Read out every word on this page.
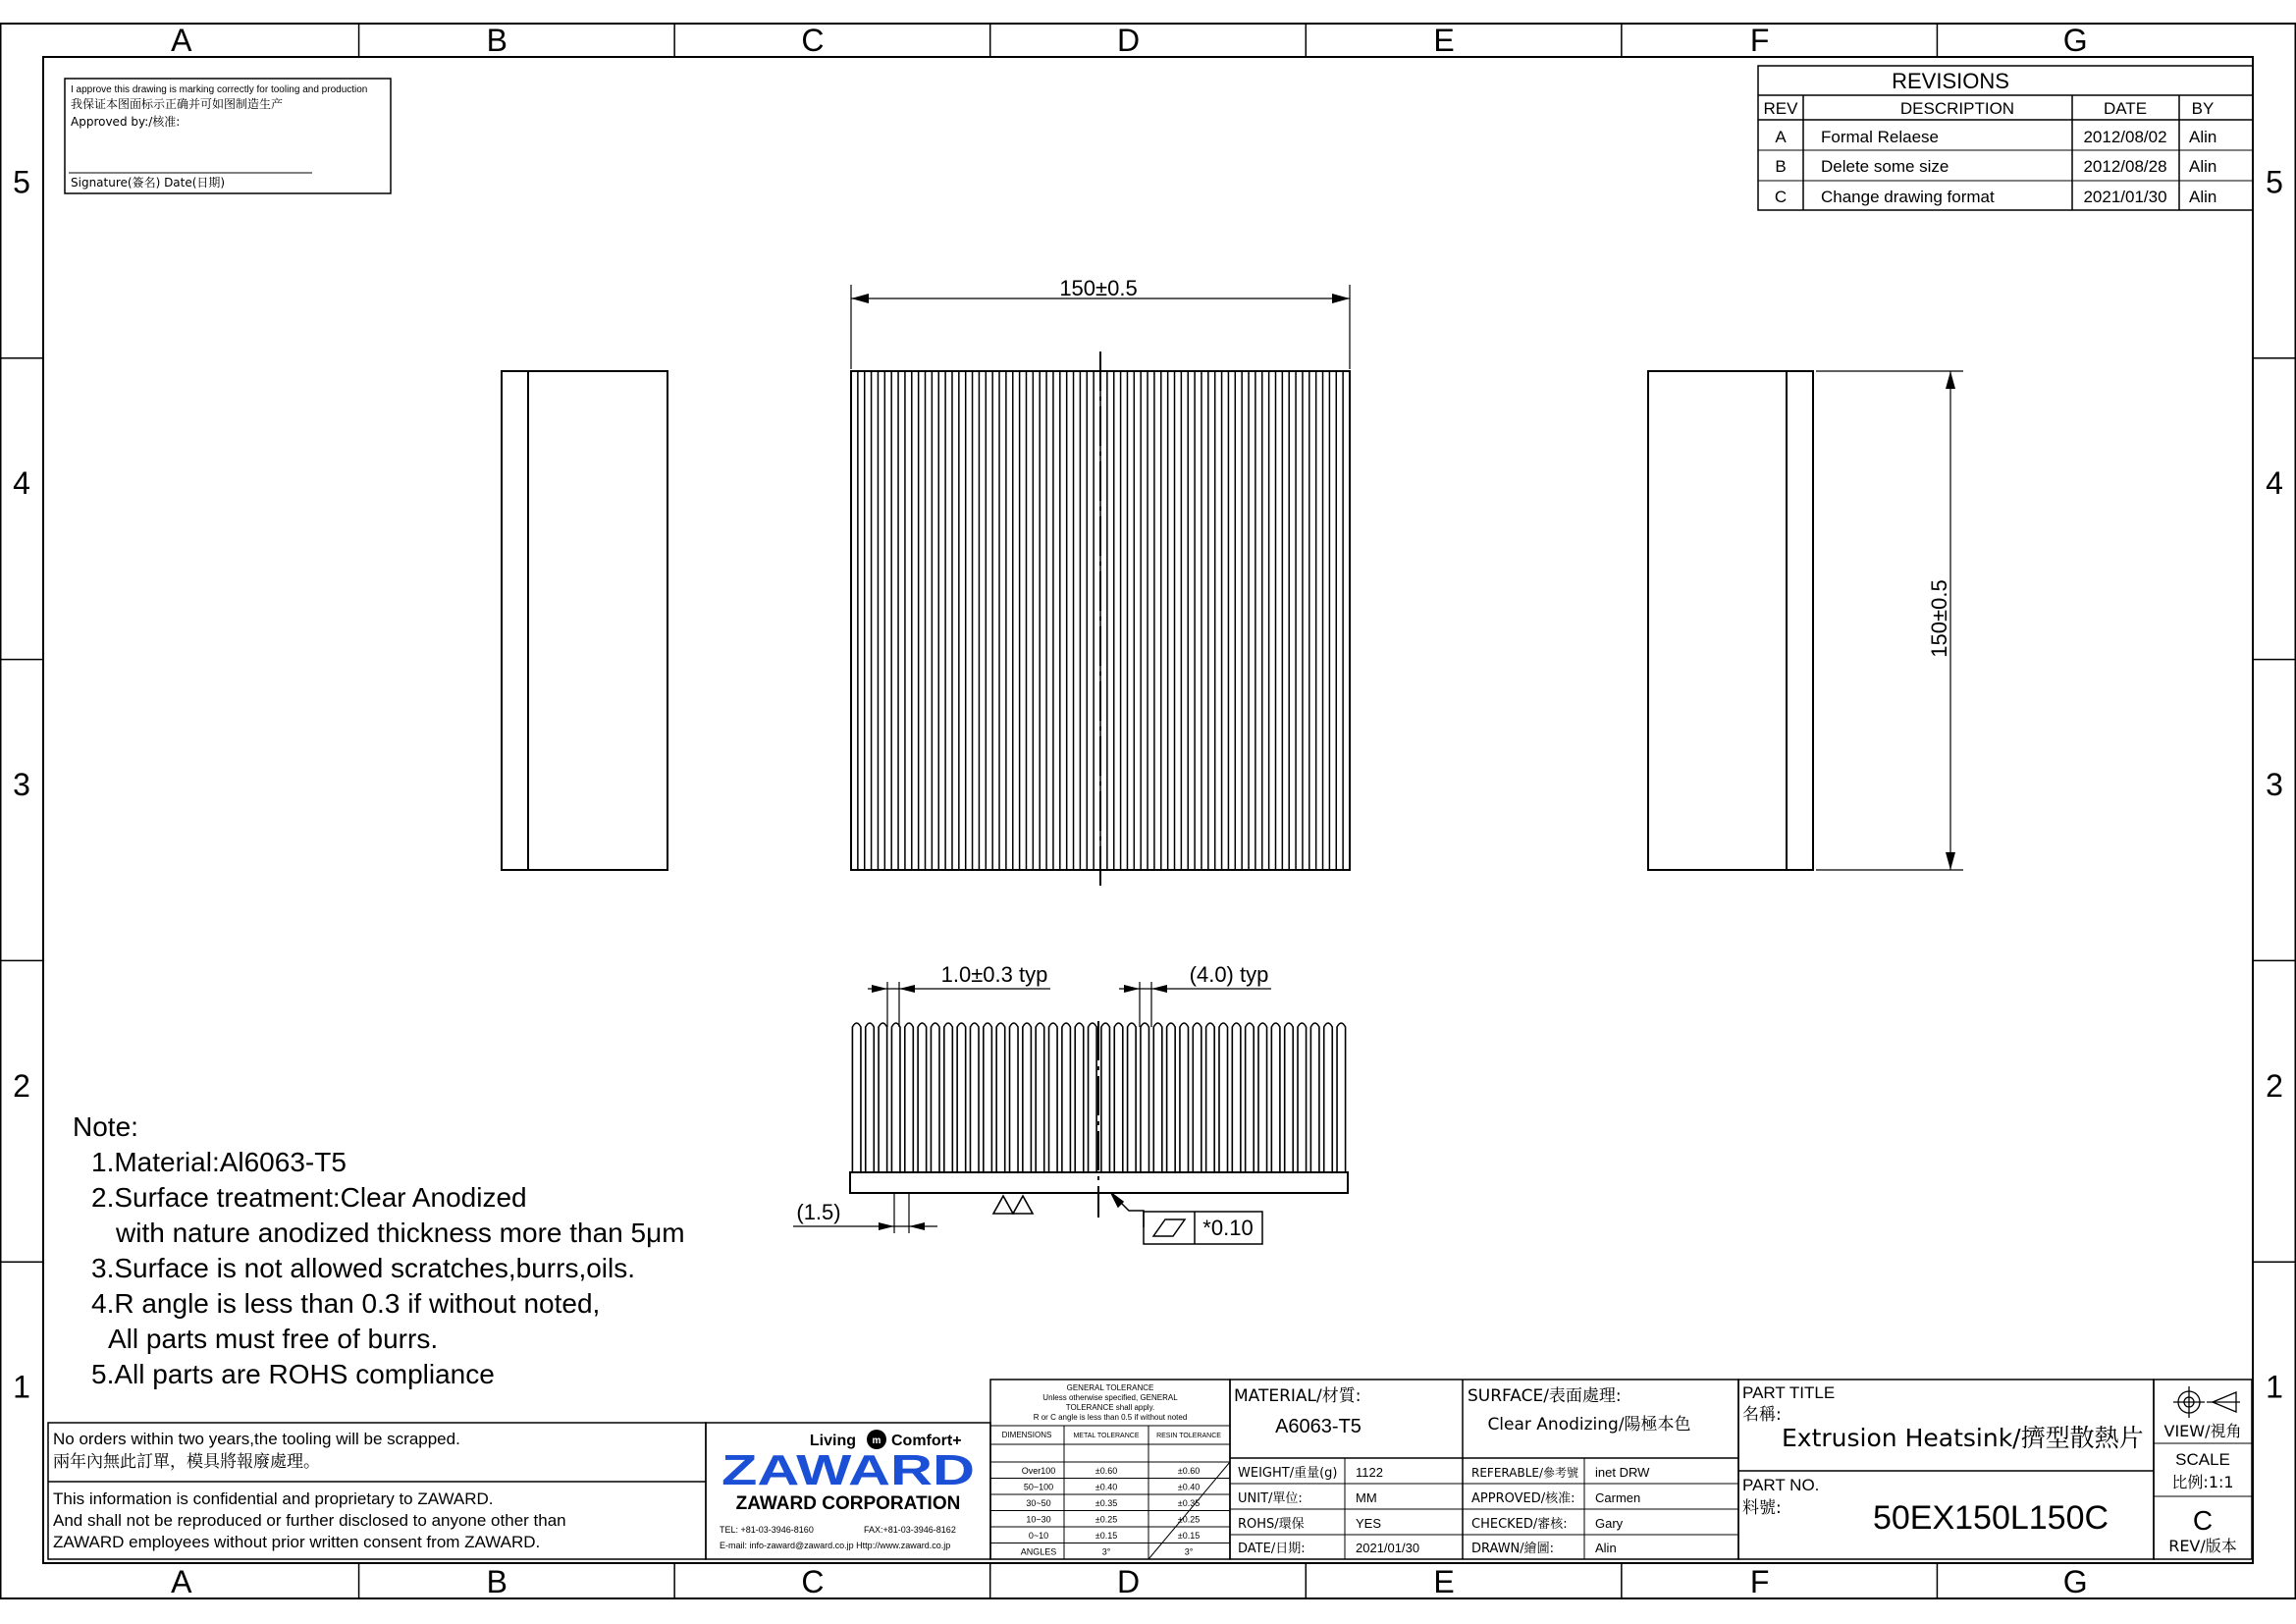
A
A
B
B
C
C
D
D
E
E
F
F
G
G
5	5
4	4
3	3
2	2
1	1
I approve this drawing is marking correctly for tooling and production
我保证本图面标示正确并可如图制造生产
Approved by:/核准:
Signature(簽名) Date(日期)
REVISIONS
REV	DESCRIPTION	DATE	BY
A Formal Relaese	2012/08/02 Alin
B Delete some size	2012/08/28 Alin
C Change drawing format	2021/01/30 Alin
150±0.5
150±0.5
1.0±0.3 typ	(4.0) typ
(1.5)
*0.10
Note:
1.Material:Al6063-T5
2.Surface treatment:Clear Anodized
with nature anodized thickness more than 5μm
3.Surface is not allowed scratches,burrs,oils.
4.R angle is less than 0.3 if without noted,
All parts must free of burrs.
5.All parts are ROHS compliance
No orders within two years,the tooling will be scrapped.
兩年內無此訂單，模具將報廢處理。
This information is confidential and proprietary to ZAWARD.
And shall not be reproduced or further disclosed to anyone other than
ZAWARD employees without prior written consent from ZAWARD.
Living m Comfort+
ZAWARD
ZAWARD CORPORATION
TEL: +81-03-3946-8160	FAX:+81-03-3946-8162
E-mail: info-zaward@zaward.co.jp Http://www.zaward.co.jp
GENERAL TOLERANCE
Unless otherwise specified, GENERAL
TOLERANCE shall apply.
R or C angle is less than 0.5 if without noted
DIMENSIONS	METAL TOLERANCE	RESIN TOLERANCE
Over100	±0.60	±0.60
50~100	±0.40	±0.40
30~50	±0.35	±0.35
10~30	±0.25	±0.25
0~10	±0.15	±0.15
ANGLES	3°	3°
MATERIAL/材質:
A6063-T5
SURFACE/表面處理:
Clear Anodizing/陽極本色
WEIGHT/重量(g) 1122
UNIT/單位:	MM
ROHS/環保	YES
DATE/日期:	2021/01/30
REFERABLE/參考號 inet DRW
APPROVED/核准: Carmen
CHECKED/審核: Gary
DRAWN/繪圖:	Alin
PART TITLE
名稱:
Extrusion Heatsink/擠型散熱片
PART NO.
料號:	50EX150L150C
VIEW/視角
SCALE
比例:1:1
C
REV/版本
